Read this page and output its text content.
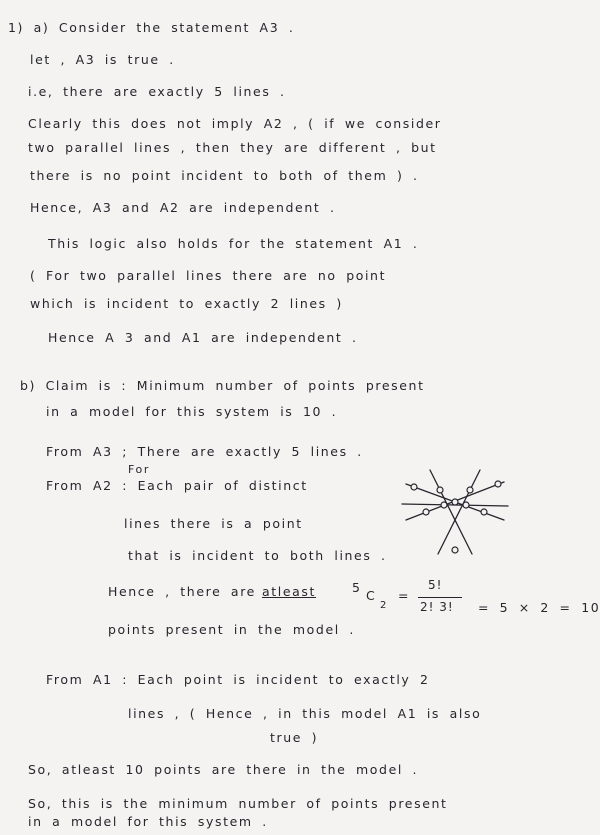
1) a) Consider the statement A3 .
let , A3 is true .
i.e, there are exactly 5 lines .
Clearly this does not imply A2 , ( if we consider
two parallel lines , then they are different , but
there is no point incident to both of them ) .
Hence, A3 and A2 are independent .
This logic also holds for the statement A1 .
( For two parallel lines there are no point
which is incident to exactly 2 lines )
Hence A 3 and A1 are independent .
b) Claim is : Minimum number of points present
in a model for this system is 10 .
From A3 ; There are exactly 5 lines .
For
From A2 : Each pair of distinct
lines there is a point
that is incident to both lines .
Hence , there are atleast	5
C
2
=
5!
2! 3! = 5 × 2 = 10
points present in the model .
From A1 : Each point is incident to exactly 2
lines , ( Hence , in this model A1 is also
true )
So, atleast 10 points are there in the model .
So, this is the minimum number of points present
in a model for this system .
